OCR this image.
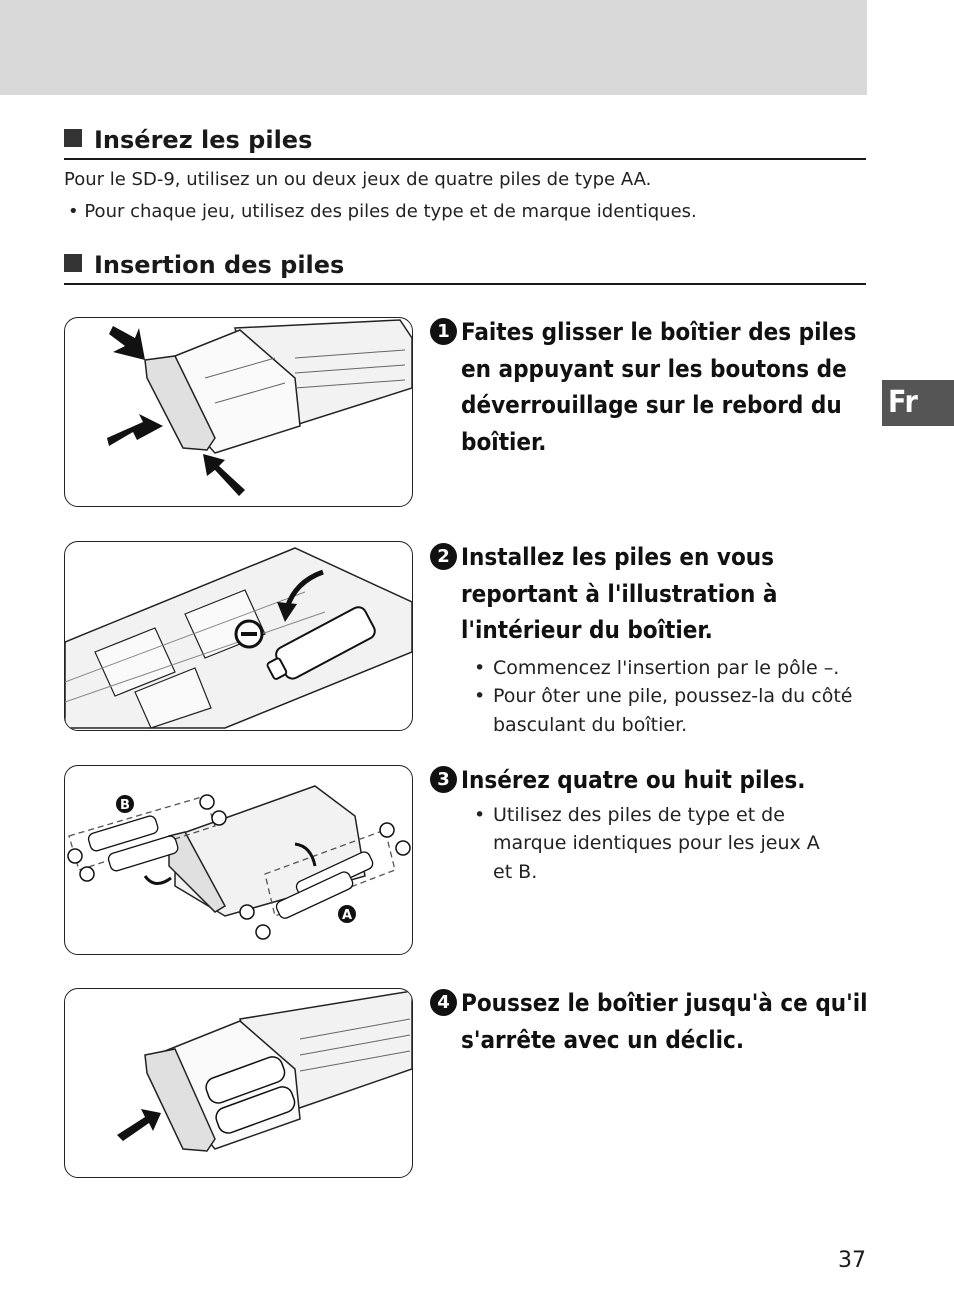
Fr
Insérez les piles
Pour le SD-9, utilisez un ou deux jeux de quatre piles de type AA.
• Pour chaque jeu, utilisez des piles de type et de marque identiques.
Insertion des piles
B
A
1 Faites glisser le boîtier des piles en appuyant sur les boutons de déverrouillage sur le rebord du boîtier.
2 Installez les piles en vous reportant à l'illustration à l'intérieur du boîtier.
• Commencez l'insertion par le pôle –.
• Pour ôter une pile, poussez-la du côté basculant du boîtier.
3 Insérez quatre ou huit piles.
• Utilisez des piles de type et de marque identiques pour les jeux A et B.
4 Poussez le boîtier jusqu'à ce qu'il s'arrête avec un déclic.
37
